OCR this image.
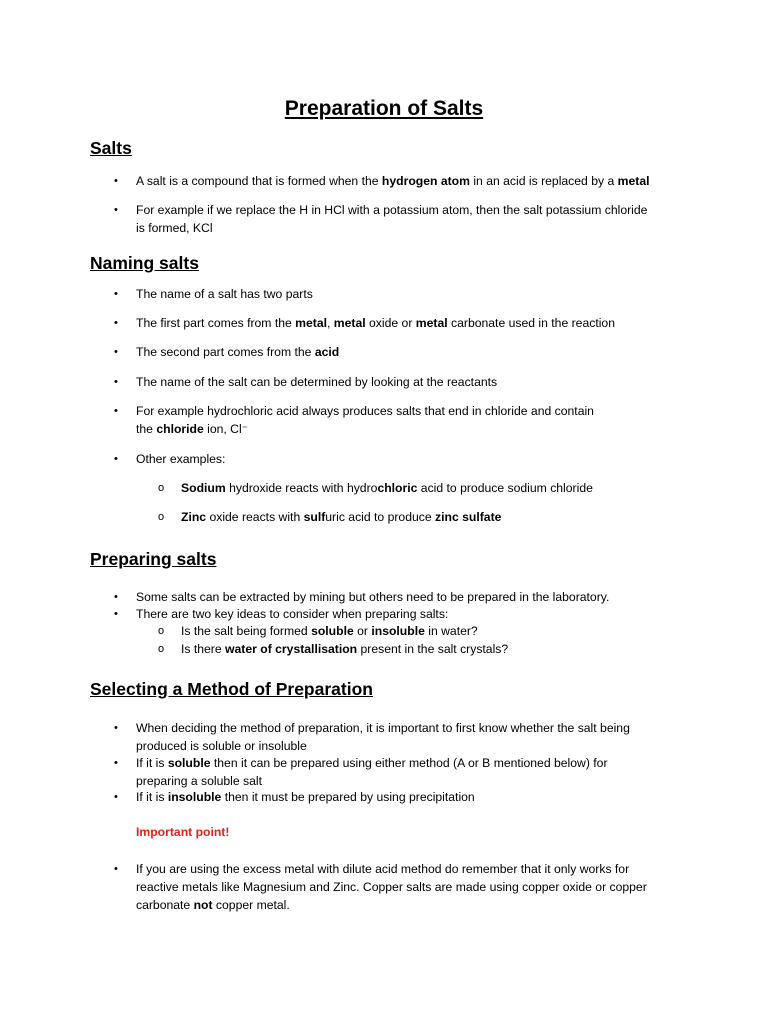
Preparation of Salts
Salts
• A salt is a compound that is formed when the hydrogen atom in an acid is replaced by a metal

• For example if we replace the H in HCl with a potassium atom, then the salt potassium chloride
is formed, KCl

Naming salts
• The name of a salt has two parts

• The first part comes from the metal, metal oxide or metal carbonate used in the reaction

• The second part comes from the acid

• The name of the salt can be determined by looking at the reactants

• For example hydrochloric acid always produces salts that end in chloride and contain
the chloride ion, Cl⁻

• Other examples:

o Sodium hydroxide reacts with hydrochloric acid to produce sodium chloride

o Zinc oxide reacts with sulfuric acid to produce zinc sulfate

Preparing salts
• Some salts can be extracted by mining but others need to be prepared in the laboratory.

• There are two key ideas to consider when preparing salts:

o Is the salt being formed soluble or insoluble in water?

o Is there water of crystallisation present in the salt crystals?

Selecting a Method of Preparation
• When deciding the method of preparation, it is important to first know whether the salt being
produced is soluble or insoluble

• If it is soluble then it can be prepared using either method (A or B mentioned below) for
preparing a soluble salt

• If it is insoluble then it must be prepared by using precipitation

Important point!

• If you are using the excess metal with dilute acid method do remember that it only works for
reactive metals like Magnesium and Zinc. Copper salts are made using copper oxide or copper
carbonate not copper metal.
